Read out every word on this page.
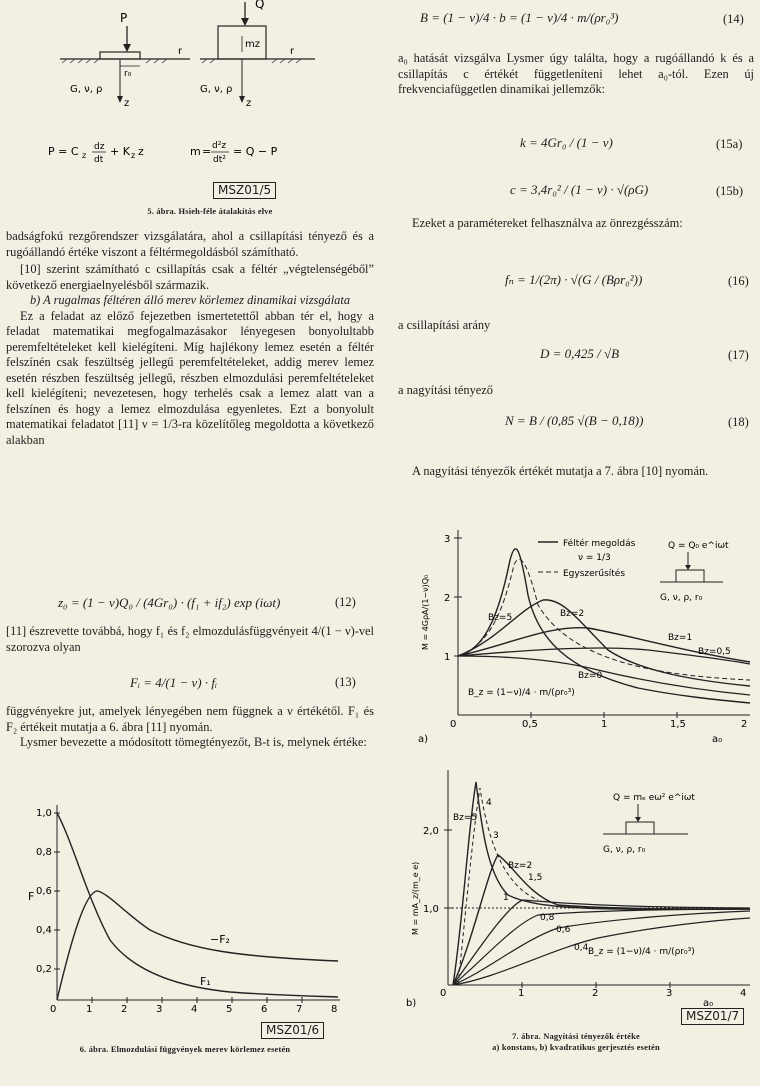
P
z
r
r₀
G, ν, ρ
Q
mz
r
z
G, ν, ρ
P = C z
dz
dt
+ K z z	m = d²z
dt²
= Q − P
MSZ01/5
5. ábra. Hsieh-féle átalakítás elve

badságfokú rezgőrendszer vizsgálatára, ahol a csillapítási tényező és a rugóállandó értéke viszont a féltérmegoldásból számítható.

[10] szerint számítható c csillapítás csak a féltér „végtelenségéből” következő energiaelnyelésből származik.

b) A rugalmas féltéren álló merev körlemez dinamikai vizsgálata

Ez a feladat az előző fejezetben ismertetettől abban tér el, hogy a feladat matematikai megfogalmazásakor lényegesen bonyolultabb peremfeltételeket kell kielégíteni. Míg hajlékony lemez esetén a féltér felszínén csak feszültség jellegű peremfeltételeket, addig merev lemez esetén részben feszültség jellegű, részben elmozdulási peremfeltételeket kell kielégíteni; nevezetesen, hogy terhelés csak a lemez alatt van a felszínen és hogy a lemez elmozdulása egyenletes. Ezt a bonyolult matematikai feladatot [11] ν = 1/3-ra közelítőleg megoldotta a következő alakban

z₀ = (1 − ν)Q₀ / (4Gr₀) · (f₁ + if₂) exp (iωt)	(12)

[11] észrevette továbbá, hogy f₁ és f₂ elmozdulásfüggvényeit 4/(1 − ν)-vel szorozva olyan

Fᵢ = 4/(1 − ν) · fᵢ	(13)

függvényekre jut, amelyek lényegében nem függnek a ν értékétől. F₁ és F₂ értékeit mutatja a 6. ábra [11] nyomán.

Lysmer bevezette a módosított tömegtényezőt, B-t is, melynek értéke:

1,0
0,8
0,6
0,4
0,2
0	1	2	3	4	5	6	7	8
F
−F₂
F₁
MSZ01/6
6. ábra. Elmozdulási függvények merev körlemez esetén
B = (1 − ν)/4 · b = (1 − ν)/4 · m/(ρr₀³)	(14)

a₀ hatását vizsgálva Lysmer úgy találta, hogy a rugóállandó k és a csillapítás c értékét függetleníteni lehet a₀-tól. Ezen új frekvenciafüggetlen dinamikai jellemzők:

k = 4Gr₀ / (1 − ν)	(15a)
c = 3,4r₀² / (1 − ν) · √(ρG)	(15b)

Ezeket a paramétereket felhasználva az önrezgésszám:

fₙ = 1/(2π) · √(G / (Bρr₀²))	(16)

a csillapítási arány

D = 0,425 / √B	(17)

a nagyítási tényező

N = B / (0,85 √(B − 0,18))	(18)

A nagyítási tényezők értékét mutatja a 7. ábra [10] nyomán.

3
2
1
0	0,5	1	1,5	2
a)	a₀
M = 4GρA/(1−ν)Q₀	Bz=5	Bz=2
Bz=1
Bz=0,5
Bz=0
Féltér megoldás
ν = 1/3
Egyszerűsítés
Q = Q₀ e^iωt
G, ν, ρ, r₀
B_z = (1−ν)/4 · m/(ρr₀³)
2,0
1,0
0	1	2	3	4
b)	a₀
M = mA_z/(m_e e)
Bz=5
4
3
Bz=2
1,5
1
0,8
0,6
0,4
Q = mₑ eω² e^iωt
G, ν, ρ, r₀
B_z = (1−ν)/4 · m/(ρr₀³)
MSZ01/7
7. ábra. Nagyítási tényezők értéke
a) konstans, b) kvadratikus gerjesztés esetén
